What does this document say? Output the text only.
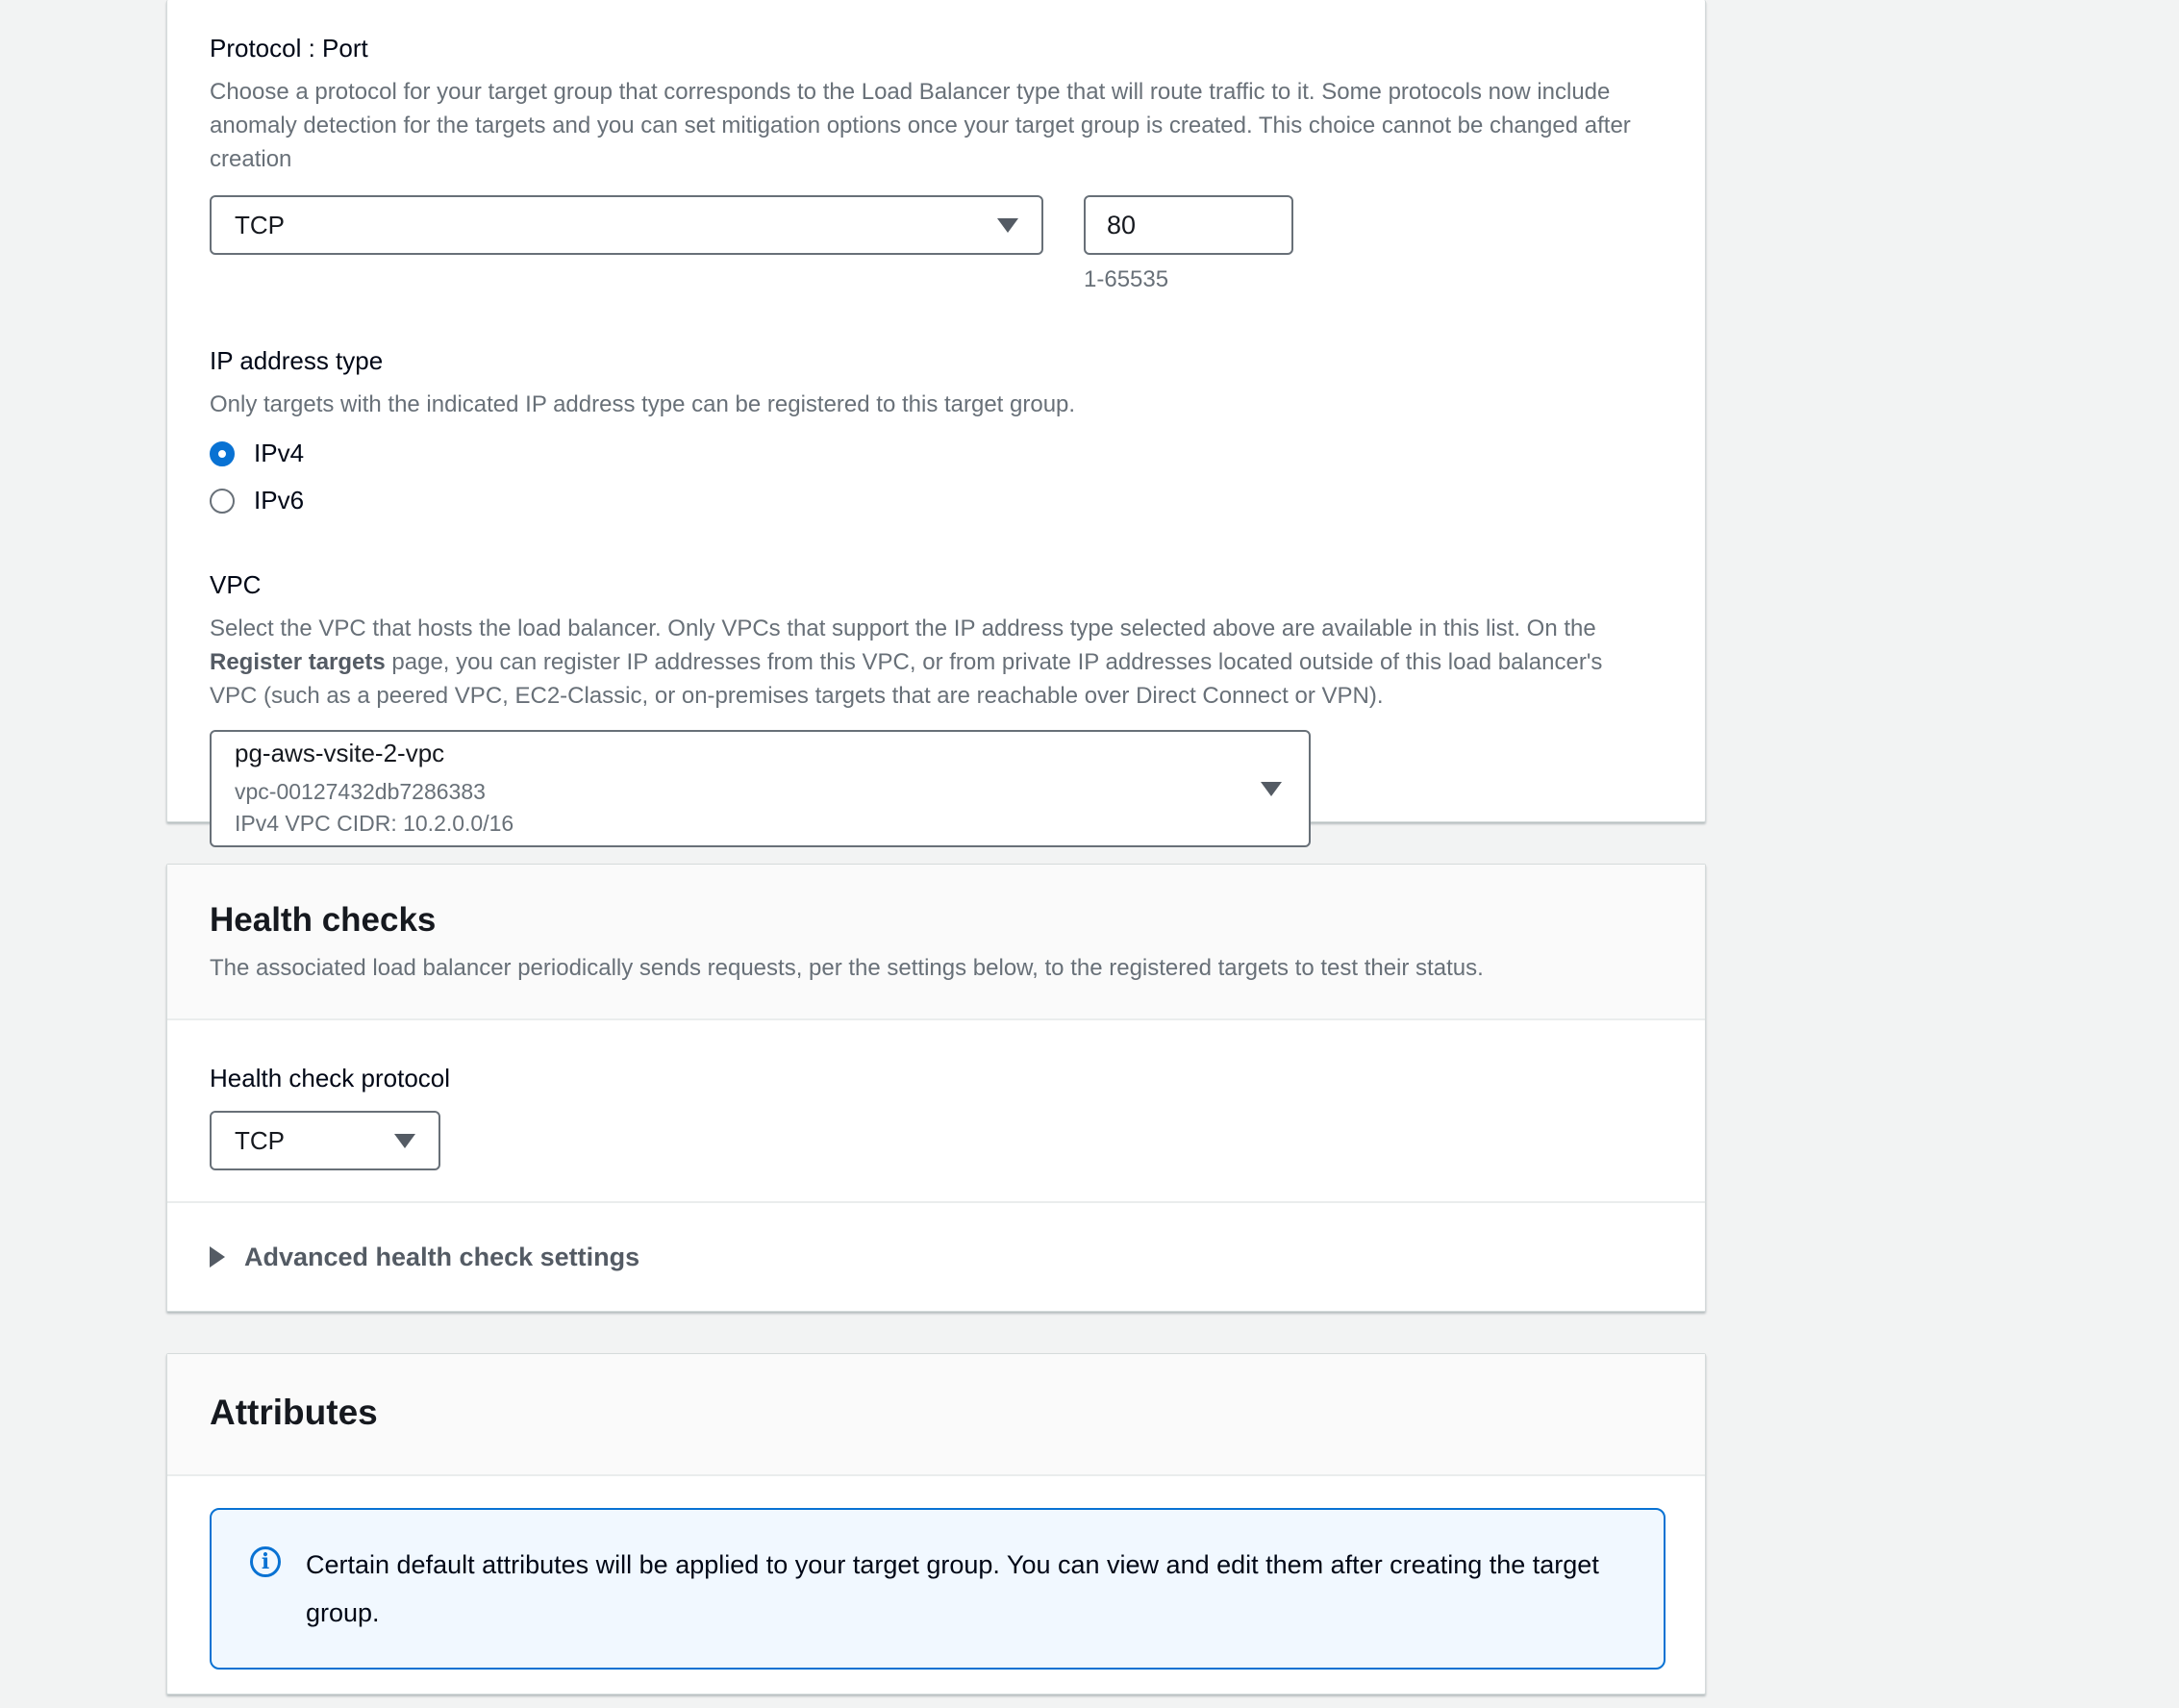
Protocol : Port
Choose a protocol for your target group that corresponds to the Load Balancer type that will route traffic to it. Some protocols now include anomaly detection for the targets and you can set mitigation options once your target group is created. This choice cannot be changed after creation
TCP
80
1-65535
IP address type
Only targets with the indicated IP address type can be registered to this target group.
IPv4
IPv6
VPC
Select the VPC that hosts the load balancer. Only VPCs that support the IP address type selected above are available in this list. On the Register targets page, you can register IP addresses from this VPC, or from private IP addresses located outside of this load balancer's VPC (such as a peered VPC, EC2-Classic, or on-premises targets that are reachable over Direct Connect or VPN).
pg-aws-vsite-2-vpc
vpc-00127432db7286383
IPv4 VPC CIDR: 10.2.0.0/16
Health checks
The associated load balancer periodically sends requests, per the settings below, to the registered targets to test their status.
Health check protocol
TCP
Advanced health check settings
Attributes
i	Certain default attributes will be applied to your target group. You can view and edit them after creating the target group.
